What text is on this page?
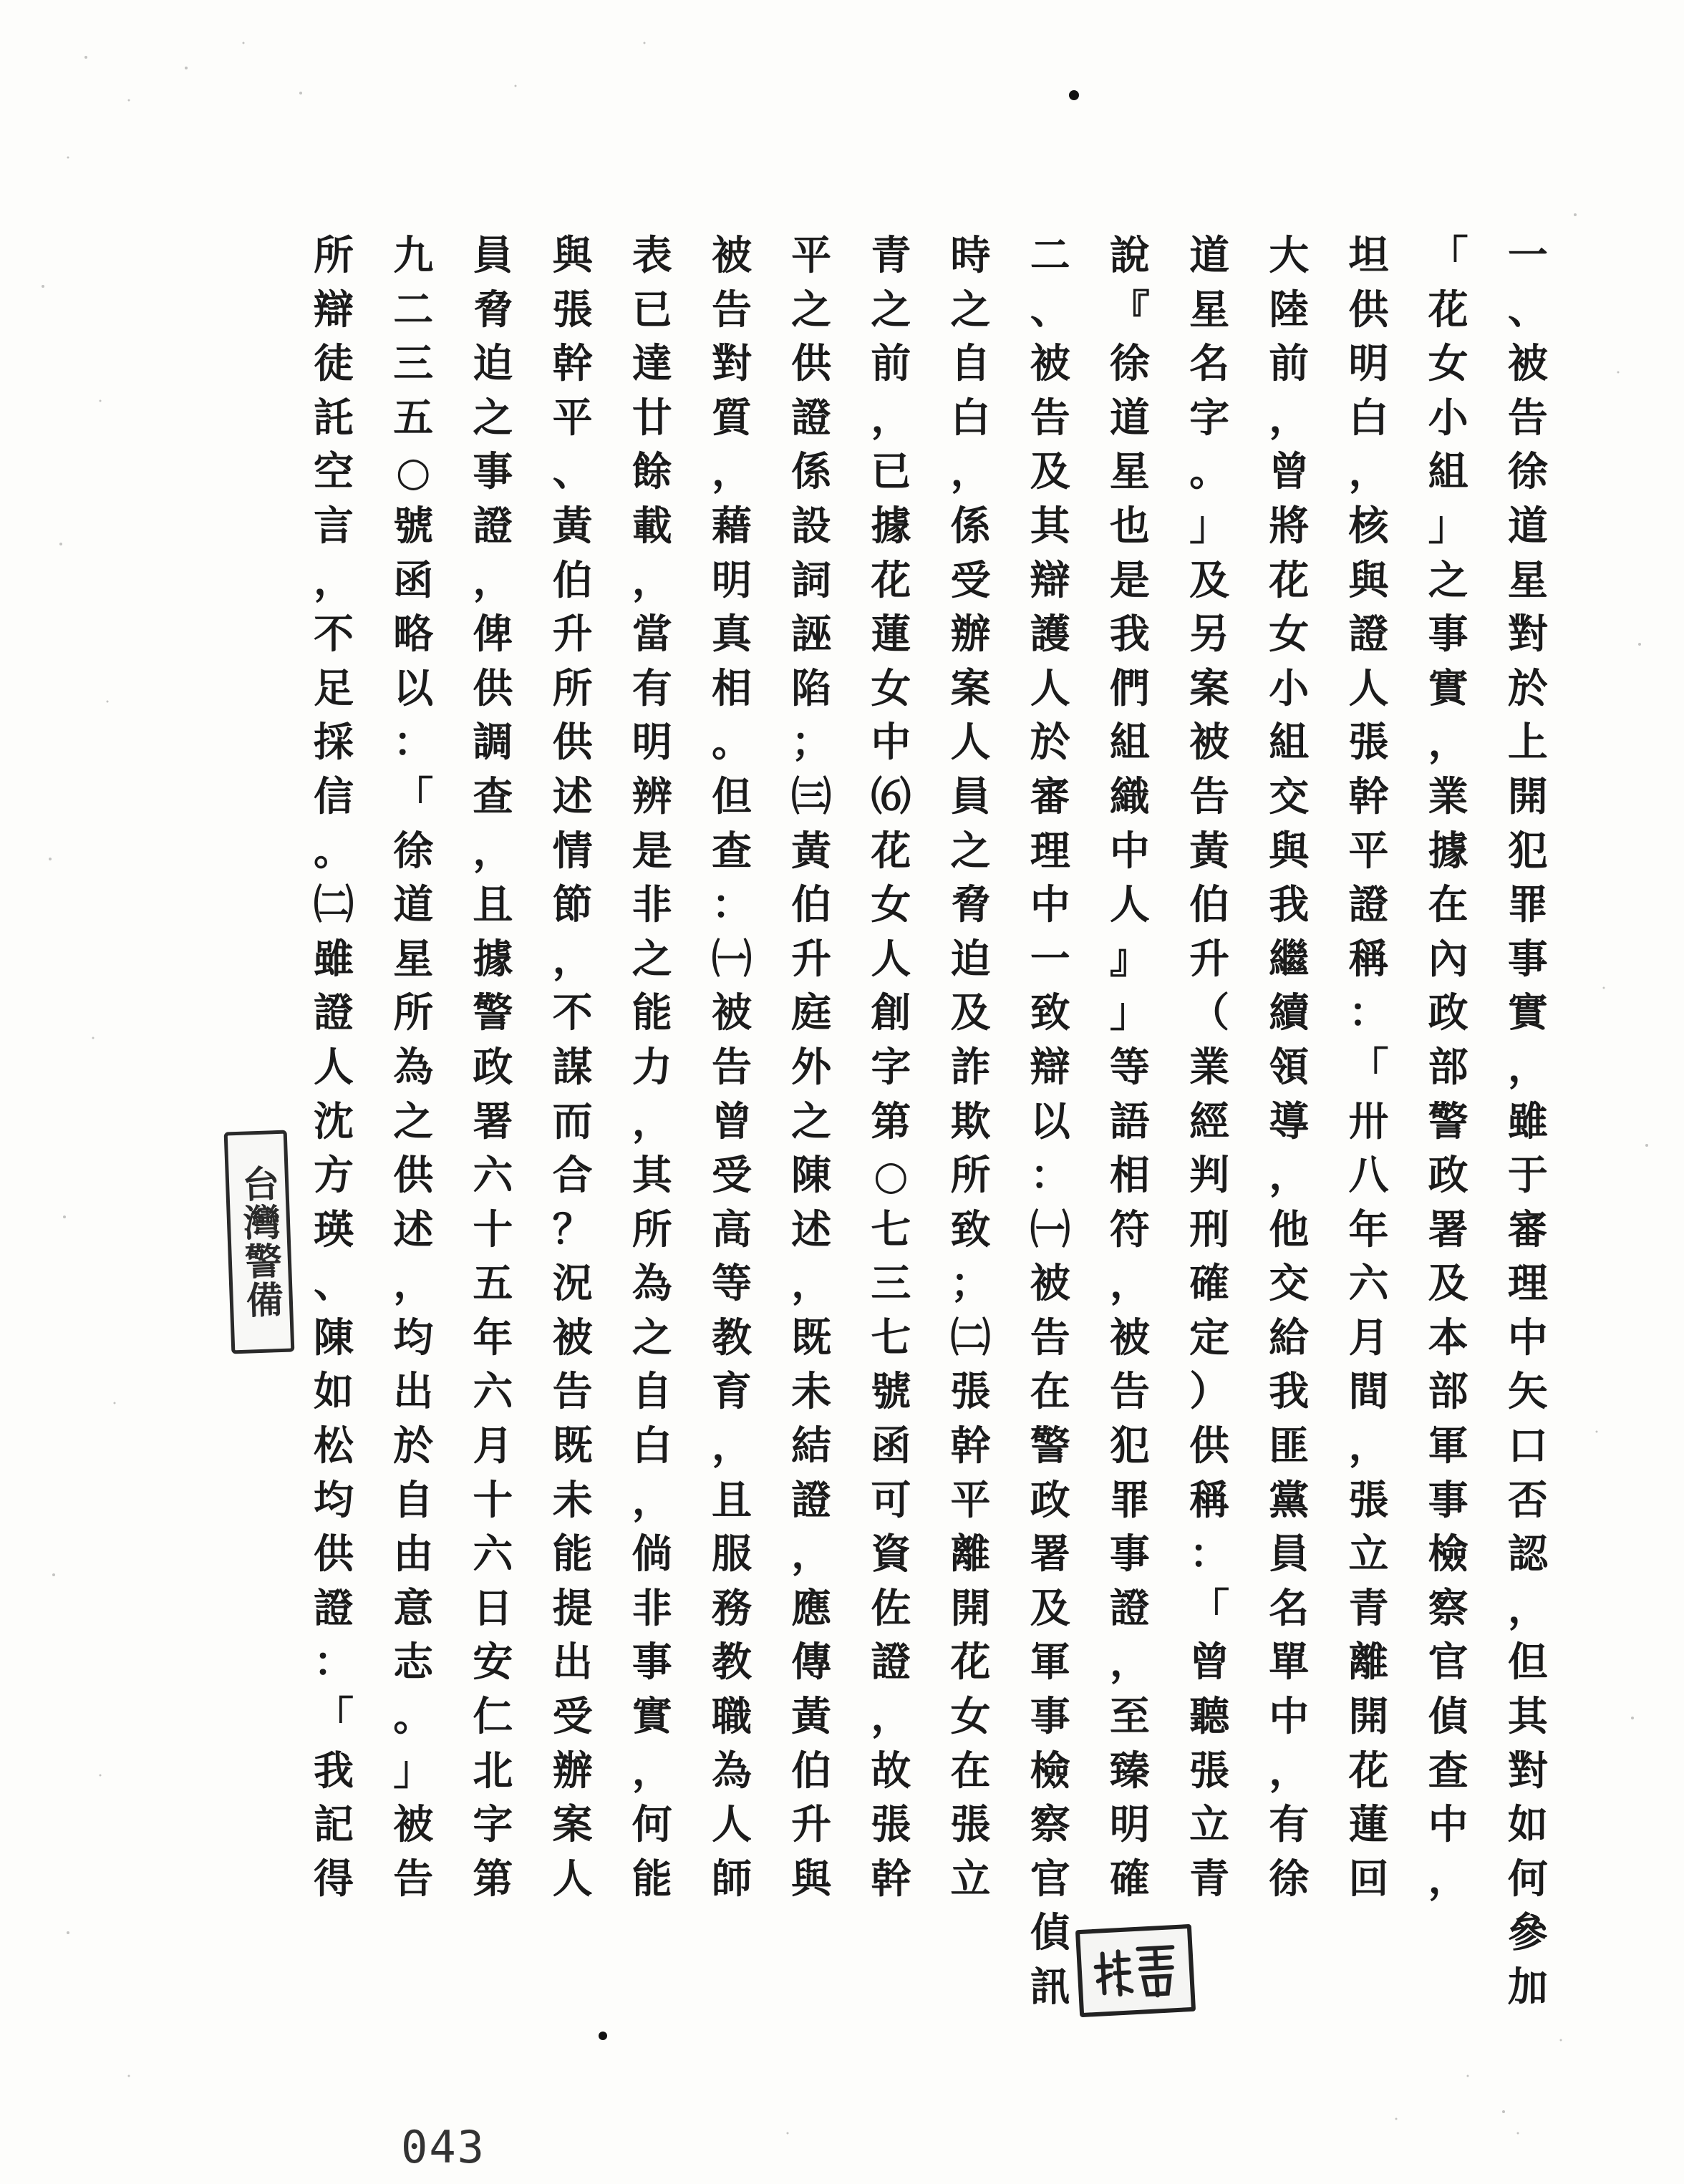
一
、
被
告
徐
道
星
對
於
上
開
犯
罪
事
實
，
雖
于
審
理
中
矢
口
否
認
，
但
其
對
如
何
參
加
「
花
女
小
組
」
之
事
實
，
業
據
在
內
政
部
警
政
署
及
本
部
軍
事
檢
察
官
偵
查
中
，
坦
供
明
白
，
核
與
證
人
張
幹
平
證
稱
：
「
卅
八
年
六
月
間
，
張
立
青
離
開
花
蓮
回
大
陸
前
，
曾
將
花
女
小
組
交
與
我
繼
續
領
導
，
他
交
給
我
匪
黨
員
名
單
中
，
有
徐
道
星
名
字
。
」
及
另
案
被
告
黃
伯
升
（
業
經
判
刑
確
定
）
供
稱
：
「
曾
聽
張
立
青
說
『
徐
道
星
也
是
我
們
組
織
中
人
』
」
等
語
相
符
，
被
告
犯
罪
事
證
，
至
臻
明
確
二
、
被
告
及
其
辯
護
人
於
審
理
中
一
致
辯
以
：
㈠
被
告
在
警
政
署
及
軍
事
檢
察
官
偵
訊
時
之
自
白
，
係
受
辦
案
人
員
之
脅
迫
及
詐
欺
所
致
；
㈡
張
幹
平
離
開
花
女
在
張
立
青
之
前
，
已
據
花
蓮
女
中
⑹
花
女
人
創
字
第
○
七
三
七
號
函
可
資
佐
證
，
故
張
幹
平
之
供
證
係
設
詞
誣
陷
；
㈢
黃
伯
升
庭
外
之
陳
述
，
既
未
結
證
，
應
傳
黃
伯
升
與
被
告
對
質
，
藉
明
真
相
。
但
查
：
㈠
被
告
曾
受
高
等
教
育
，
且
服
務
教
職
為
人
師
表
已
達
廿
餘
載
，
當
有
明
辨
是
非
之
能
力
，
其
所
為
之
自
白
，
倘
非
事
實
，
何
能
與
張
幹
平
、
黃
伯
升
所
供
述
情
節
，
不
謀
而
合
？
況
被
告
既
未
能
提
出
受
辦
案
人
員
脅
迫
之
事
證
，
俾
供
調
查
，
且
據
警
政
署
六
十
五
年
六
月
十
六
日
安
仁
北
字
第
九
二
三
五
○
號
函
略
以
：
「
徐
道
星
所
為
之
供
述
，
均
出
於
自
由
意
志
。
」
被
告
所
辯
徒
託
空
言
，
不
足
採
信
。
㈡
雖
證
人
沈
方
瑛
、
陳
如
松
均
供
證
：
「
我
記
得
台灣警備
043
